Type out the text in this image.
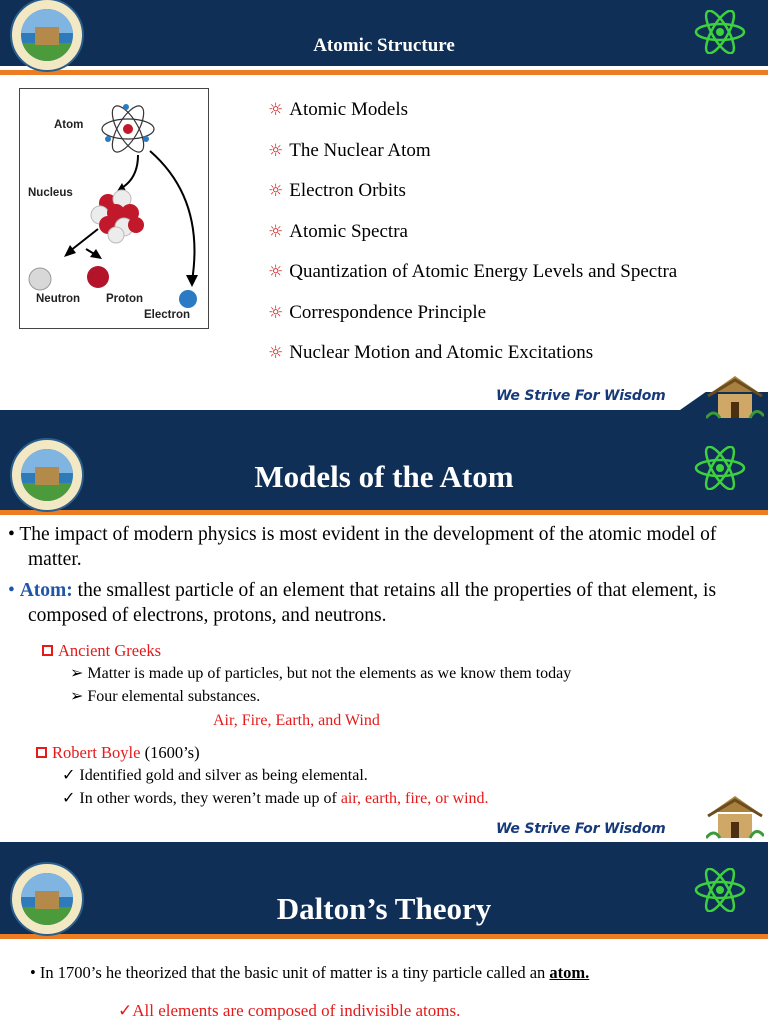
Atomic Structure
Atom
Nucleus
Neutron Proton
Electron
☼ Atomic Models
☼ The Nuclear Atom
☼ Electron Orbits
☼ Atomic Spectra
☼ Quantization of Atomic Energy Levels and Spectra
☼ Correspondence Principle
☼ Nuclear Motion and Atomic Excitations
We Strive For Wisdom
Models of the Atom
• The impact of modern physics is most evident in the development of the atomic model of matter.
• Atom: the smallest particle of an element that retains all the properties of that element, is composed of electrons, protons, and neutrons.
Ancient Greeks
➢ Matter is made up of particles, but not the elements as we know them today
➢ Four elemental substances.
Air, Fire, Earth, and Wind
Robert Boyle (1600’s)
✓ Identified gold and silver as being elemental.
✓ In other words, they weren’t made up of air, earth, fire, or wind.
We Strive For Wisdom
Dalton’s Theory
• In 1700’s he theorized that the basic unit of matter is a tiny particle called an atom.
✓All elements are composed of indivisible atoms.
